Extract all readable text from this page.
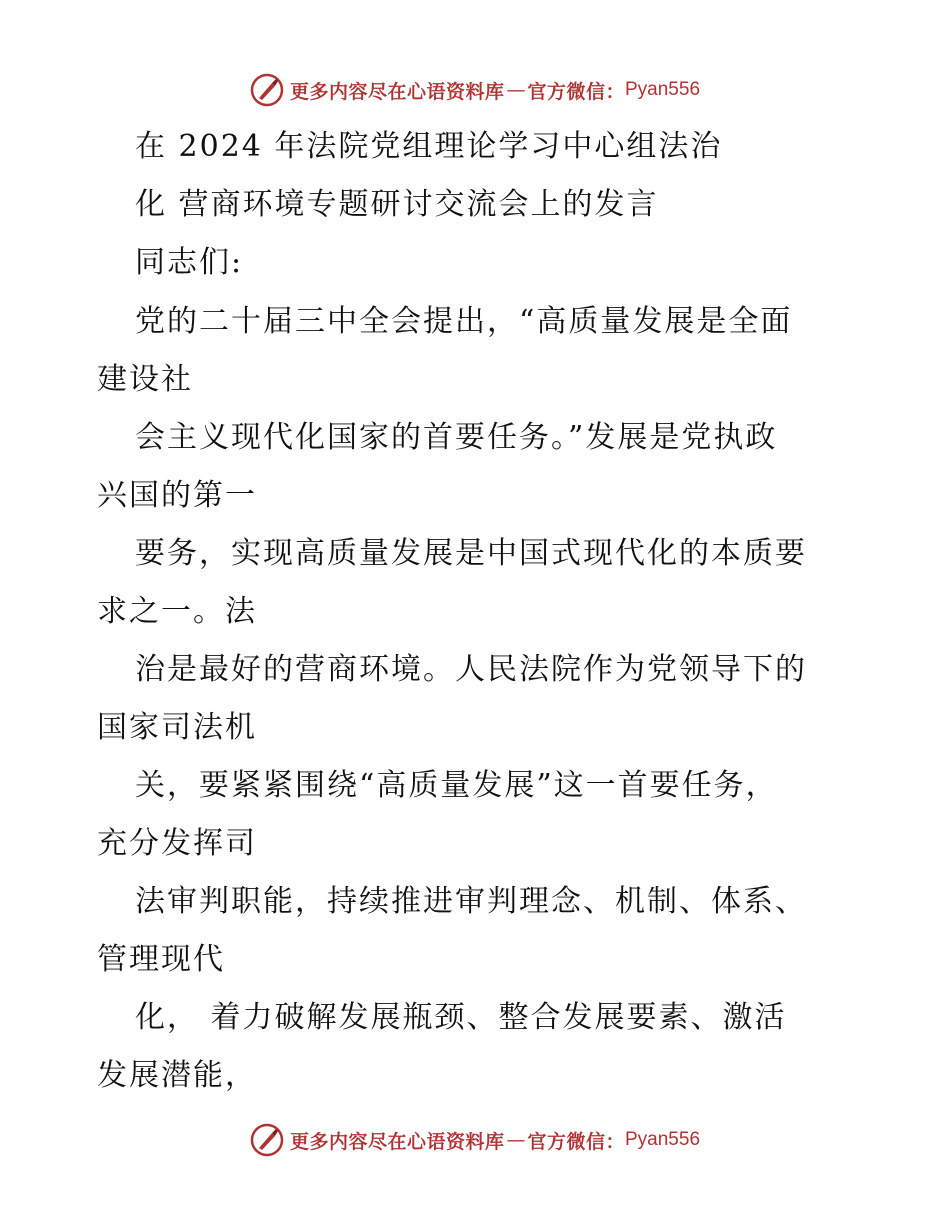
更多内容尽在心语资料库 — 官方微信： Pyan556
在 2024 年法院党组理论学习中心组法治
化 营商环境专题研讨交流会上的发言
同志们:
党的二十届三中全会提出，“高质量发展是全面
建设社
会主义现代化国家的首要任务。”发展是党执政
兴国的第一
要务，实现高质量发展是中国式现代化的本质要
求之一。法
治是最好的营商环境。人民法院作为党领导下的
国家司法机
关，要紧紧围绕“高质量发展”这一首要任务，
充分发挥司
法审判职能，持续推进审判理念、机制、体系、
管理现代
化， 着力破解发展瓶颈、整合发展要素、激活
发展潜能，
更多内容尽在心语资料库 — 官方微信： Pyan556
